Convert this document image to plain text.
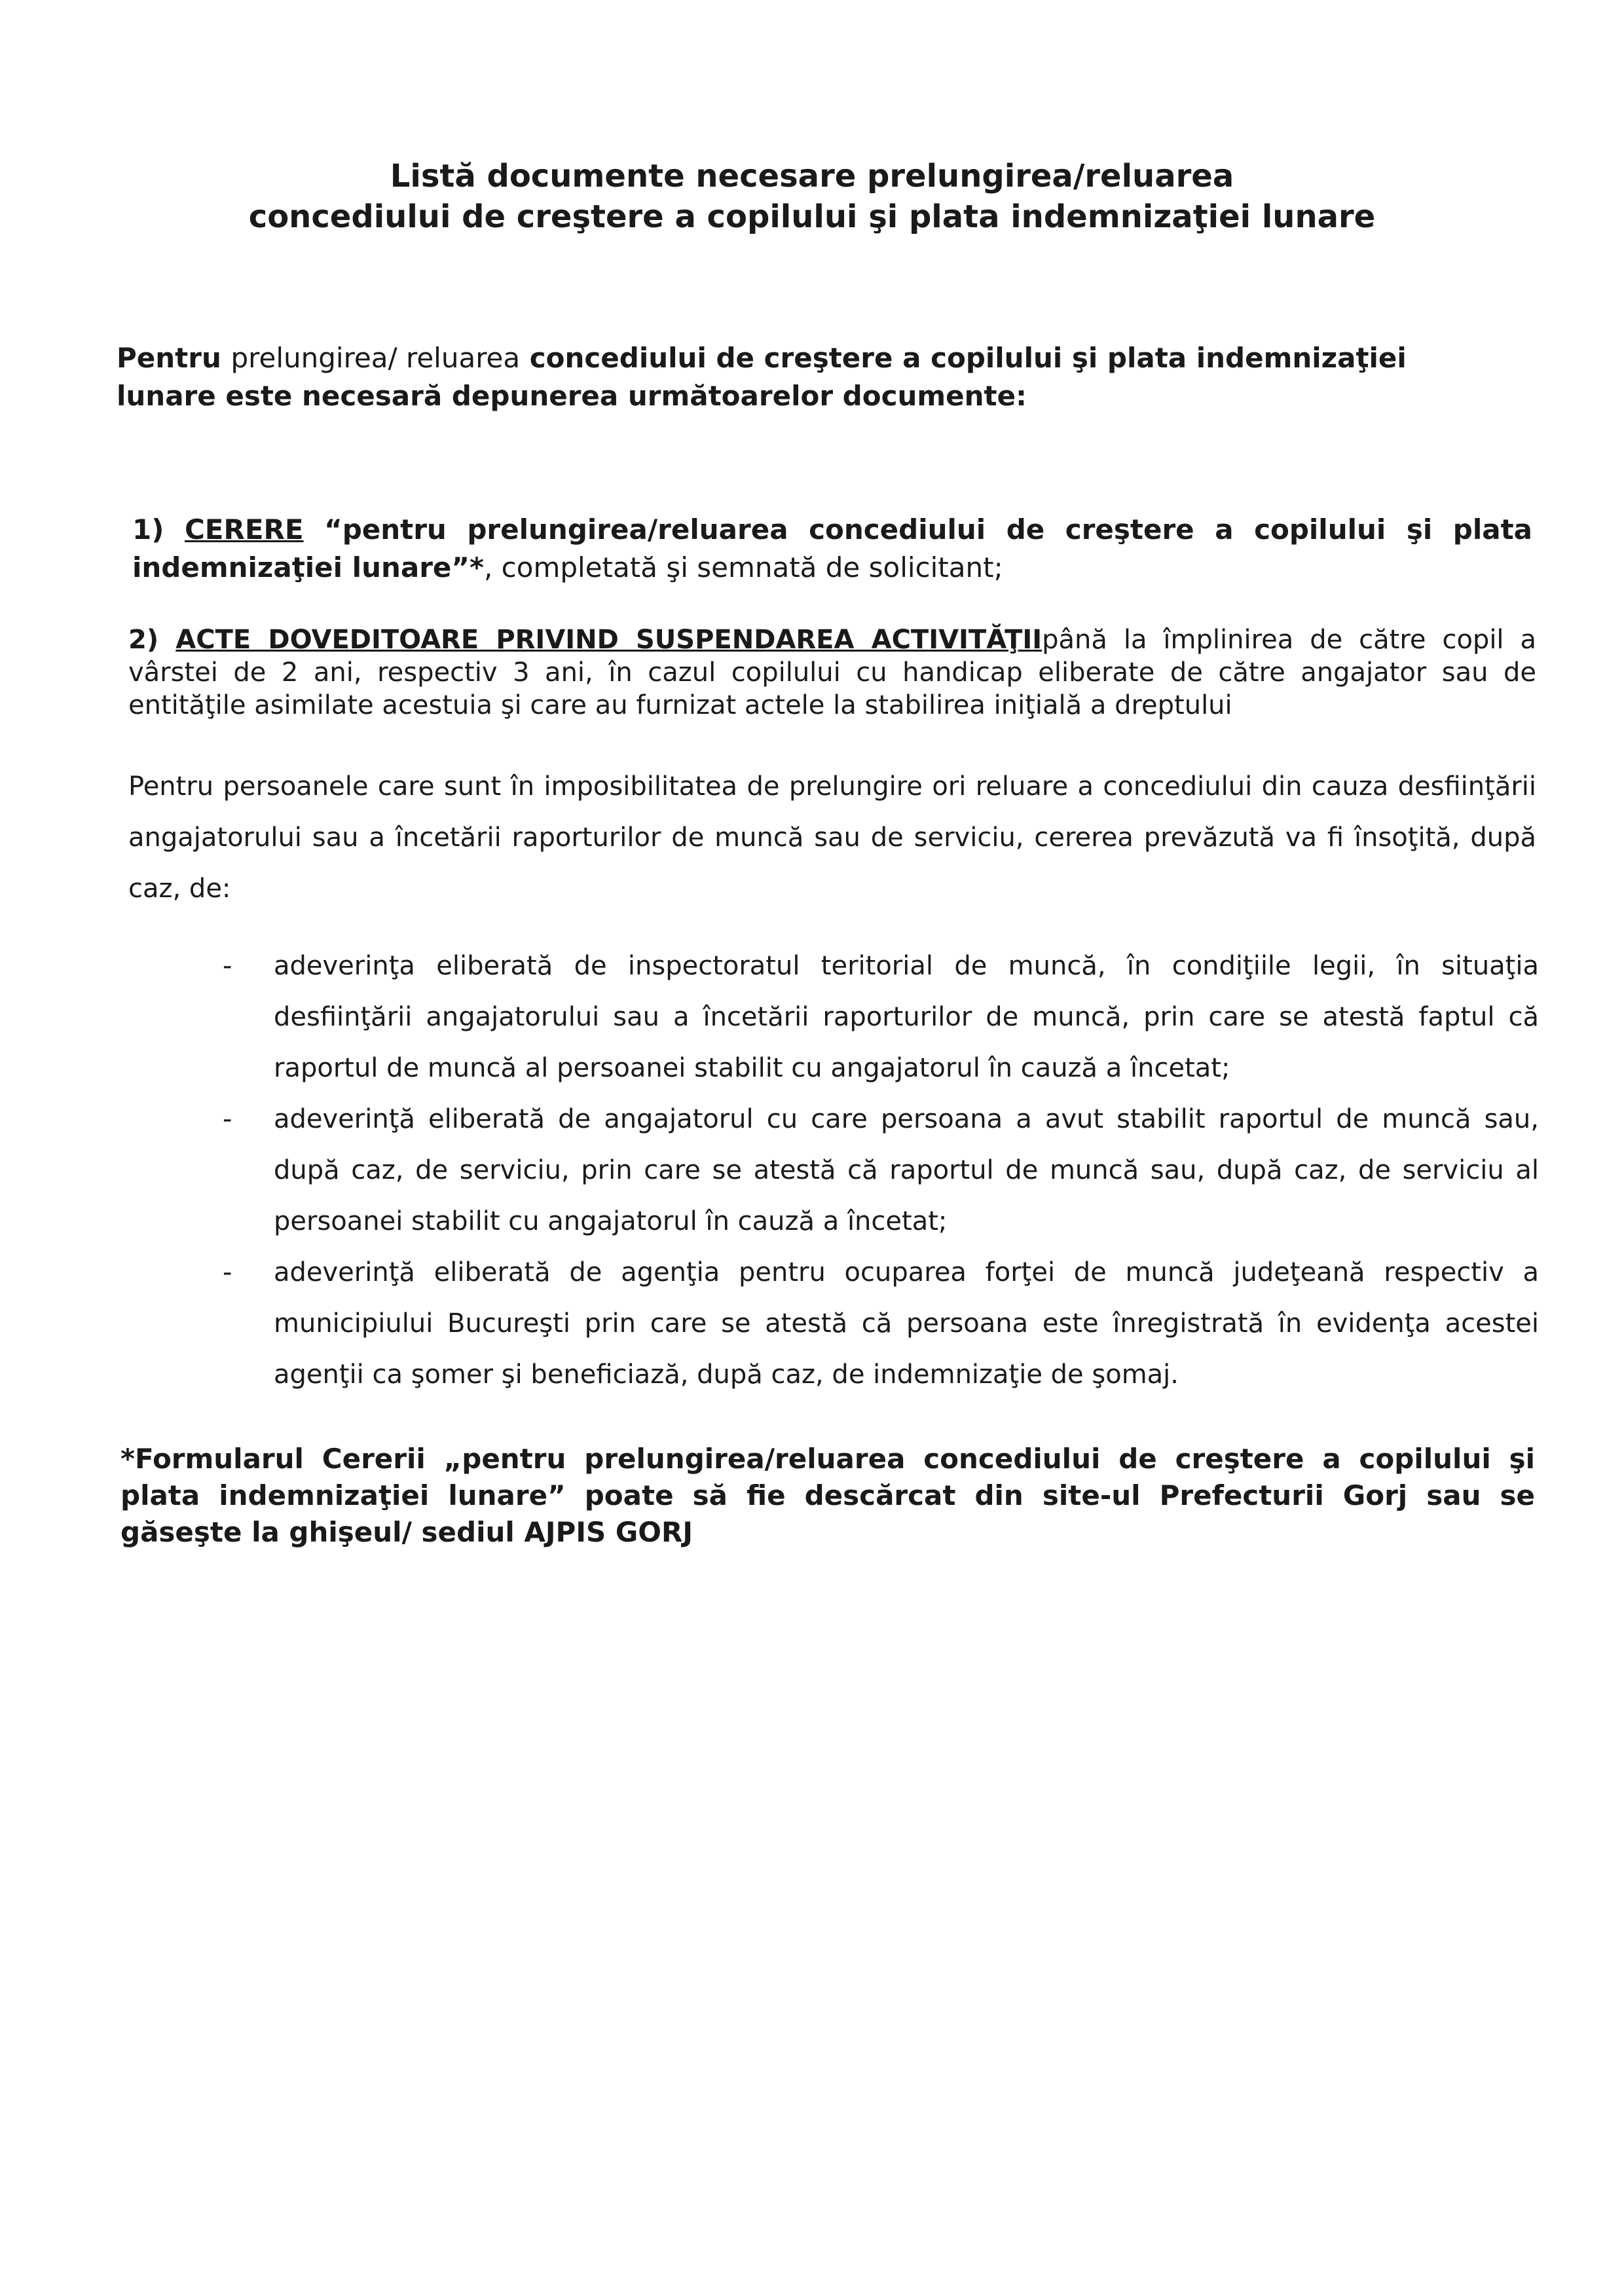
Listă documente necesare prelungirea/reluarea
concediului de creştere a copilului şi plata indemnizaţiei lunare
Pentru prelungirea/ reluarea concediului de creştere a copilului şi plata indemnizaţiei lunare este necesară depunerea următoarelor documente:
1) CERERE “pentru prelungirea/reluarea concediului de creştere a copilului şi plata indemnizaţiei lunare”*, completată şi semnată de solicitant;
2) ACTE DOVEDITOARE PRIVIND SUSPENDAREA ACTIVITĂŢIIpână la împlinirea de către copil a vârstei de 2 ani, respectiv 3 ani, în cazul copilului cu handicap eliberate de către angajator sau de entităţile asimilate acestuia şi care au furnizat actele la stabilirea iniţială a dreptului
Pentru persoanele care sunt în imposibilitatea de prelungire ori reluare a concediului din cauza desfiinţării angajatorului sau a încetării raporturilor de muncă sau de serviciu, cererea prevăzută va fi însoţită, după caz, de:
- adeverinţa eliberată de inspectoratul teritorial de muncă, în condiţiile legii, în situaţia desfiinţării angajatorului sau a încetării raporturilor de muncă, prin care se atestă faptul că raportul de muncă al persoanei stabilit cu angajatorul în cauză a încetat;
- adeverinţă eliberată de angajatorul cu care persoana a avut stabilit raportul de muncă sau, după caz, de serviciu, prin care se atestă că raportul de muncă sau, după caz, de serviciu al persoanei stabilit cu angajatorul în cauză a încetat;
- adeverinţă eliberată de agenţia pentru ocuparea forţei de muncă judeţeană respectiv a municipiului Bucureşti prin care se atestă că persoana este înregistrată în evidenţa acestei agenţii ca şomer şi beneficiază, după caz, de indemnizaţie de şomaj.
*Formularul Cererii „pentru prelungirea/reluarea concediului de creştere a copilului şi plata indemnizaţiei lunare” poate să fie descărcat din site-ul Prefecturii Gorj sau se găseşte la ghişeul/ sediul AJPIS GORJ
